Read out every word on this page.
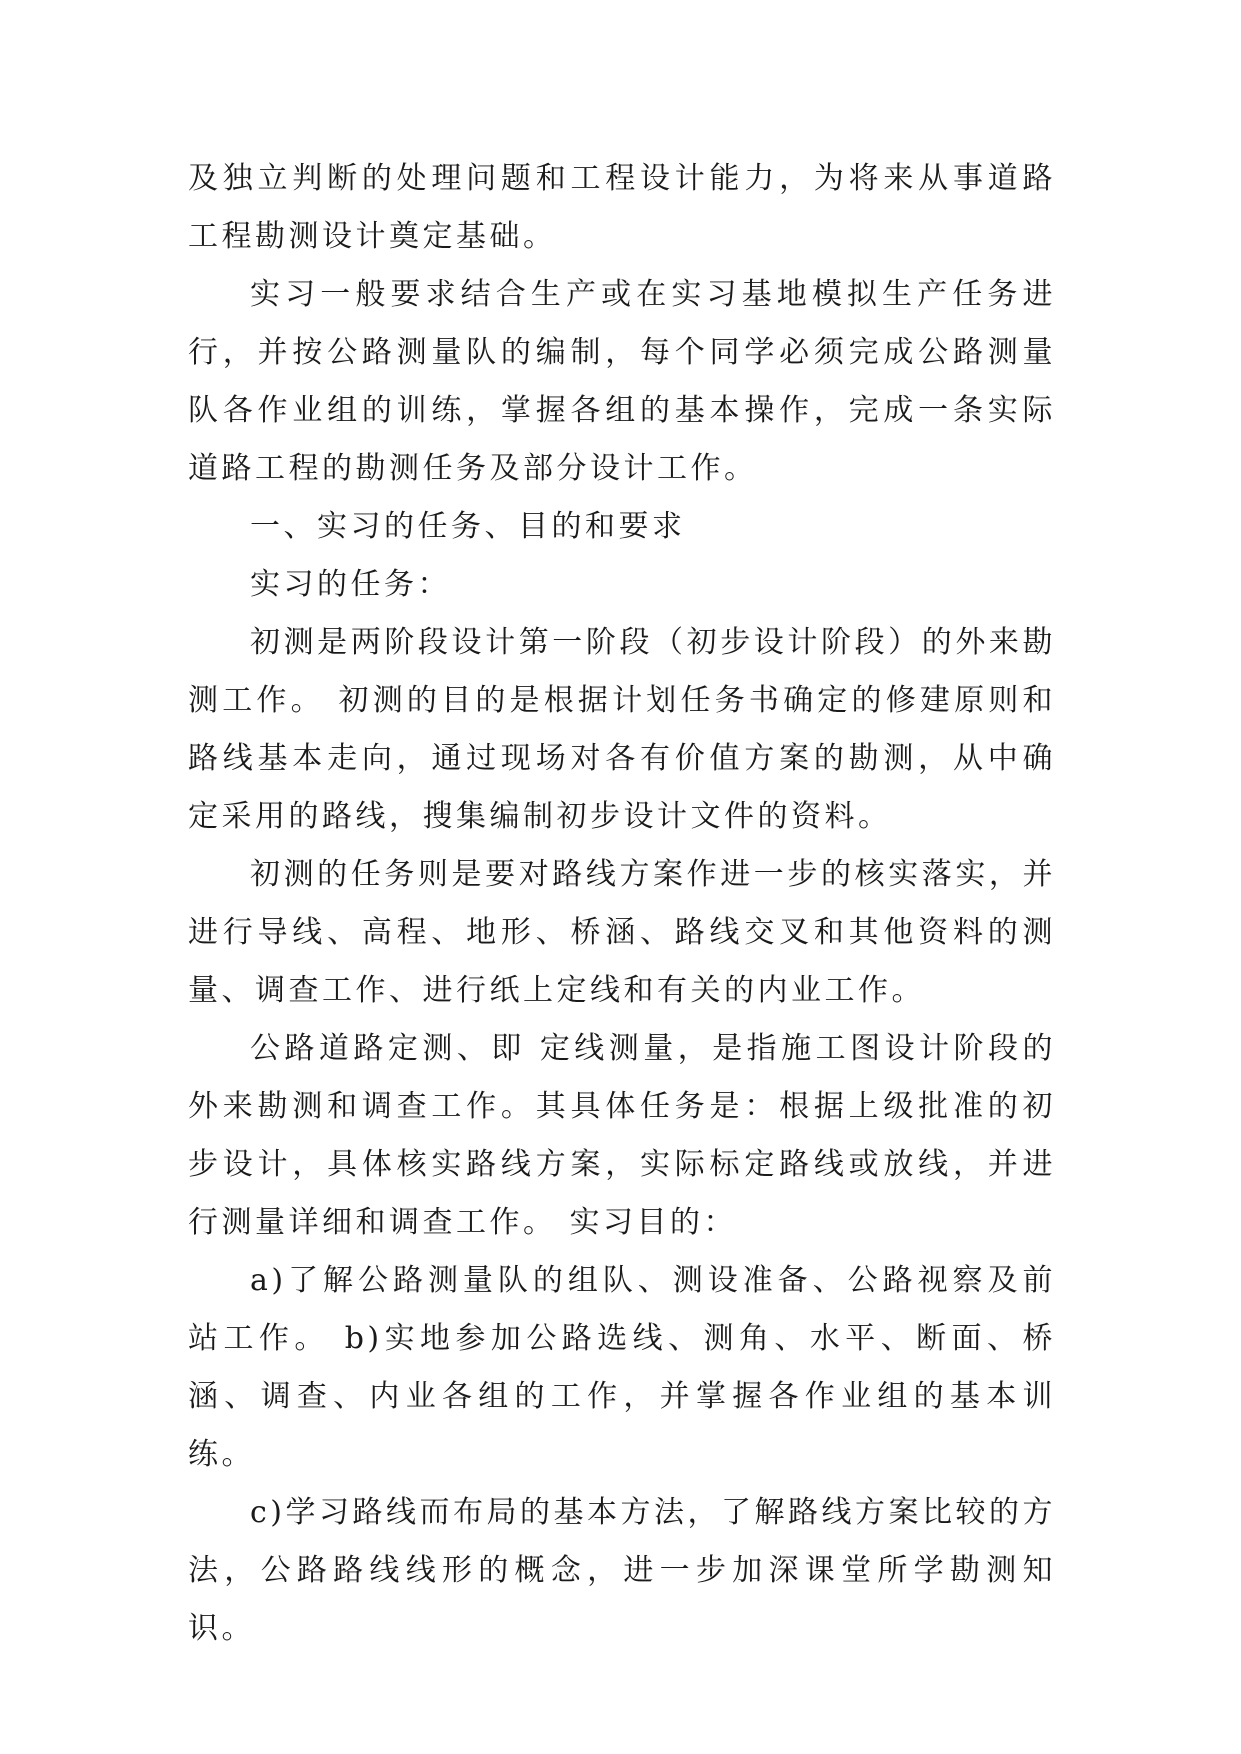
及独立判断的处理问题和工程设计能力，为将来从事道路工程勘测设计奠定基础。

实习一般要求结合生产或在实习基地模拟生产任务进行，并按公路测量队的编制，每个同学必须完成公路测量队各作业组的训练，掌握各组的基本操作，完成一条实际道路工程的勘测任务及部分设计工作。

一、实习的任务、目的和要求

实习的任务：

初测是两阶段设计第一阶段（初步设计阶段）的外来勘测工作。 初测的目的是根据计划任务书确定的修建原则和路线基本走向，通过现场对各有价值方案的勘测，从中确定采用的路线，搜集编制初步设计文件的资料。

初测的任务则是要对路线方案作进一步的核实落实，并进行导线、高程、地形、桥涵、路线交叉和其他资料的测量、调查工作、进行纸上定线和有关的内业工作。

公路道路定测、即 定线测量，是指施工图设计阶段的外来勘测和调查工作。其具体任务是：根据上级批准的初步设计，具体核实路线方案，实际标定路线或放线，并进行测量详细和调查工作。 实习目的：

a)了解公路测量队的组队、测设准备、公路视察及前站工作。 b)实地参加公路选线、测角、水平、断面、桥涵、调查、内业各组的工作，并掌握各作业组的基本训练。

c)学习路线而布局的基本方法，了解路线方案比较的方法，公路路线线形的概念，进一步加深课堂所学勘测知识。
